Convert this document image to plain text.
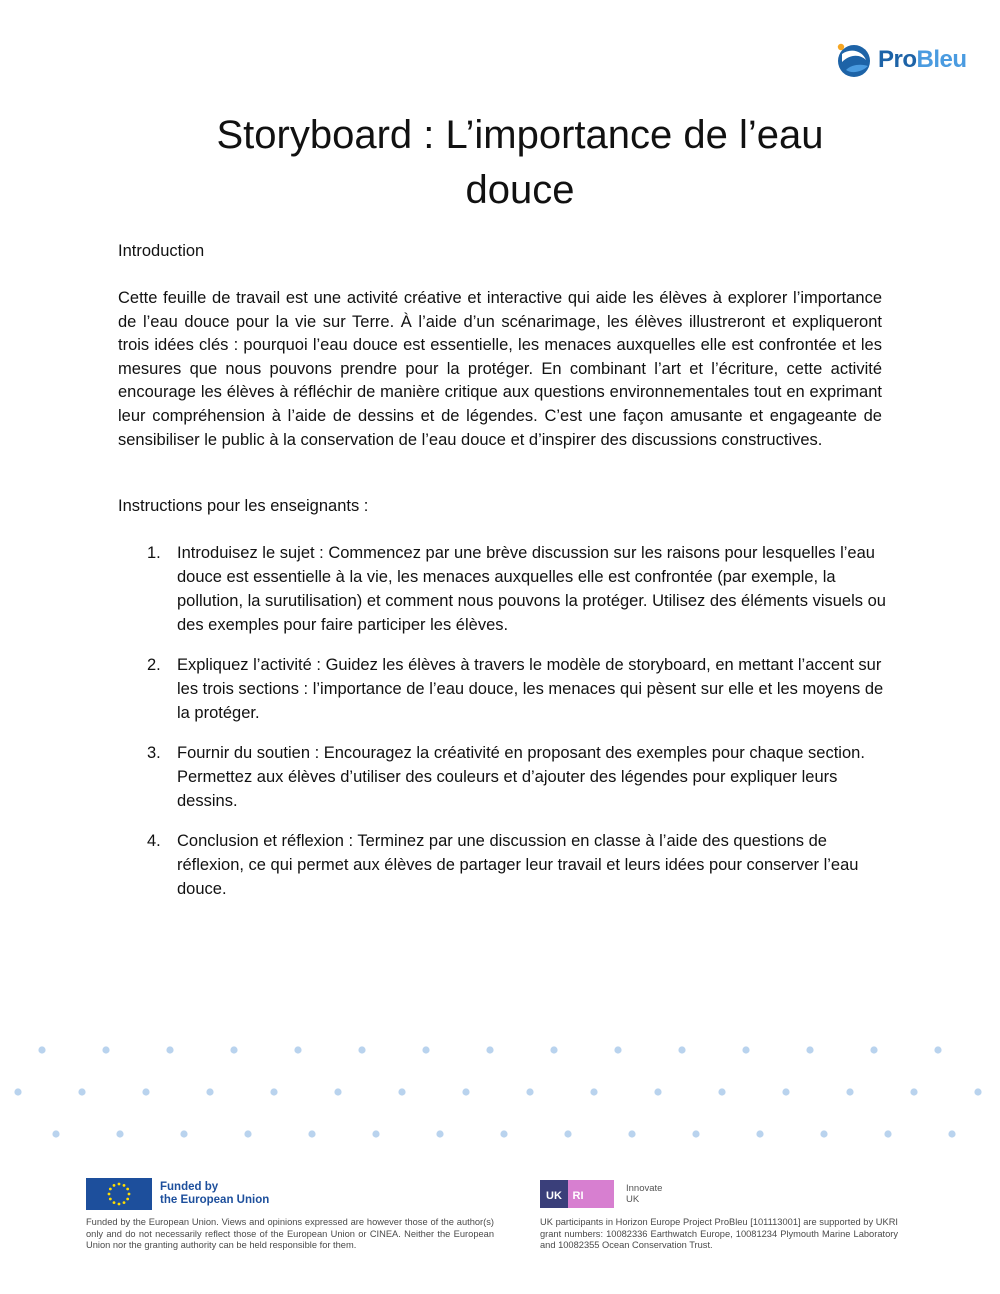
ProBleu
Storyboard : L’importance de l’eau douce

Introduction

Cette feuille de travail est une activité créative et interactive qui aide les élèves à explorer l’importance de l’eau douce pour la vie sur Terre. À l’aide d’un scénarimage, les élèves illustreront et expliqueront trois idées clés : pourquoi l’eau douce est essentielle, les menaces auxquelles elle est confrontée et les mesures que nous pouvons prendre pour la protéger. En combinant l’art et l’écriture, cette activité encourage les élèves à réfléchir de manière critique aux questions environnementales tout en exprimant leur compréhension à l’aide de dessins et de légendes. C’est une façon amusante et engageante de sensibiliser le public à la conservation de l’eau douce et d’inspirer des discussions constructives.

Instructions pour les enseignants :

1. Introduisez le sujet : Commencez par une brève discussion sur les raisons pour lesquelles l’eau douce est essentielle à la vie, les menaces auxquelles elle est confrontée (par exemple, la pollution, la surutilisation) et comment nous pouvons la protéger. Utilisez des éléments visuels ou des exemples pour faire participer les élèves.
2. Expliquez l’activité : Guidez les élèves à travers le modèle de storyboard, en mettant l’accent sur les trois sections : l’importance de l’eau douce, les menaces qui pèsent sur elle et les moyens de la protéger.
3. Fournir du soutien : Encouragez la créativité en proposant des exemples pour chaque section. Permettez aux élèves d’utiliser des couleurs et d’ajouter des légendes pour expliquer leurs dessins.
4. Conclusion et réflexion : Terminez par une discussion en classe à l’aide des questions de réflexion, ce qui permet aux élèves de partager leur travail et leurs idées pour conserver l’eau douce.
Funded by
the European Union
Funded by the European Union. Views and opinions expressed are however those of the author(s) only and do not necessarily reflect those of the European Union or CINEA. Neither the European Union nor the granting authority can be held responsible for them.
UK RI
Innovate
UK
UK participants in Horizon Europe Project ProBleu [101113001] are supported by UKRI grant numbers: 10082336 Earthwatch Europe, 10081234 Plymouth Marine Laboratory and 10082355 Ocean Conservation Trust.
